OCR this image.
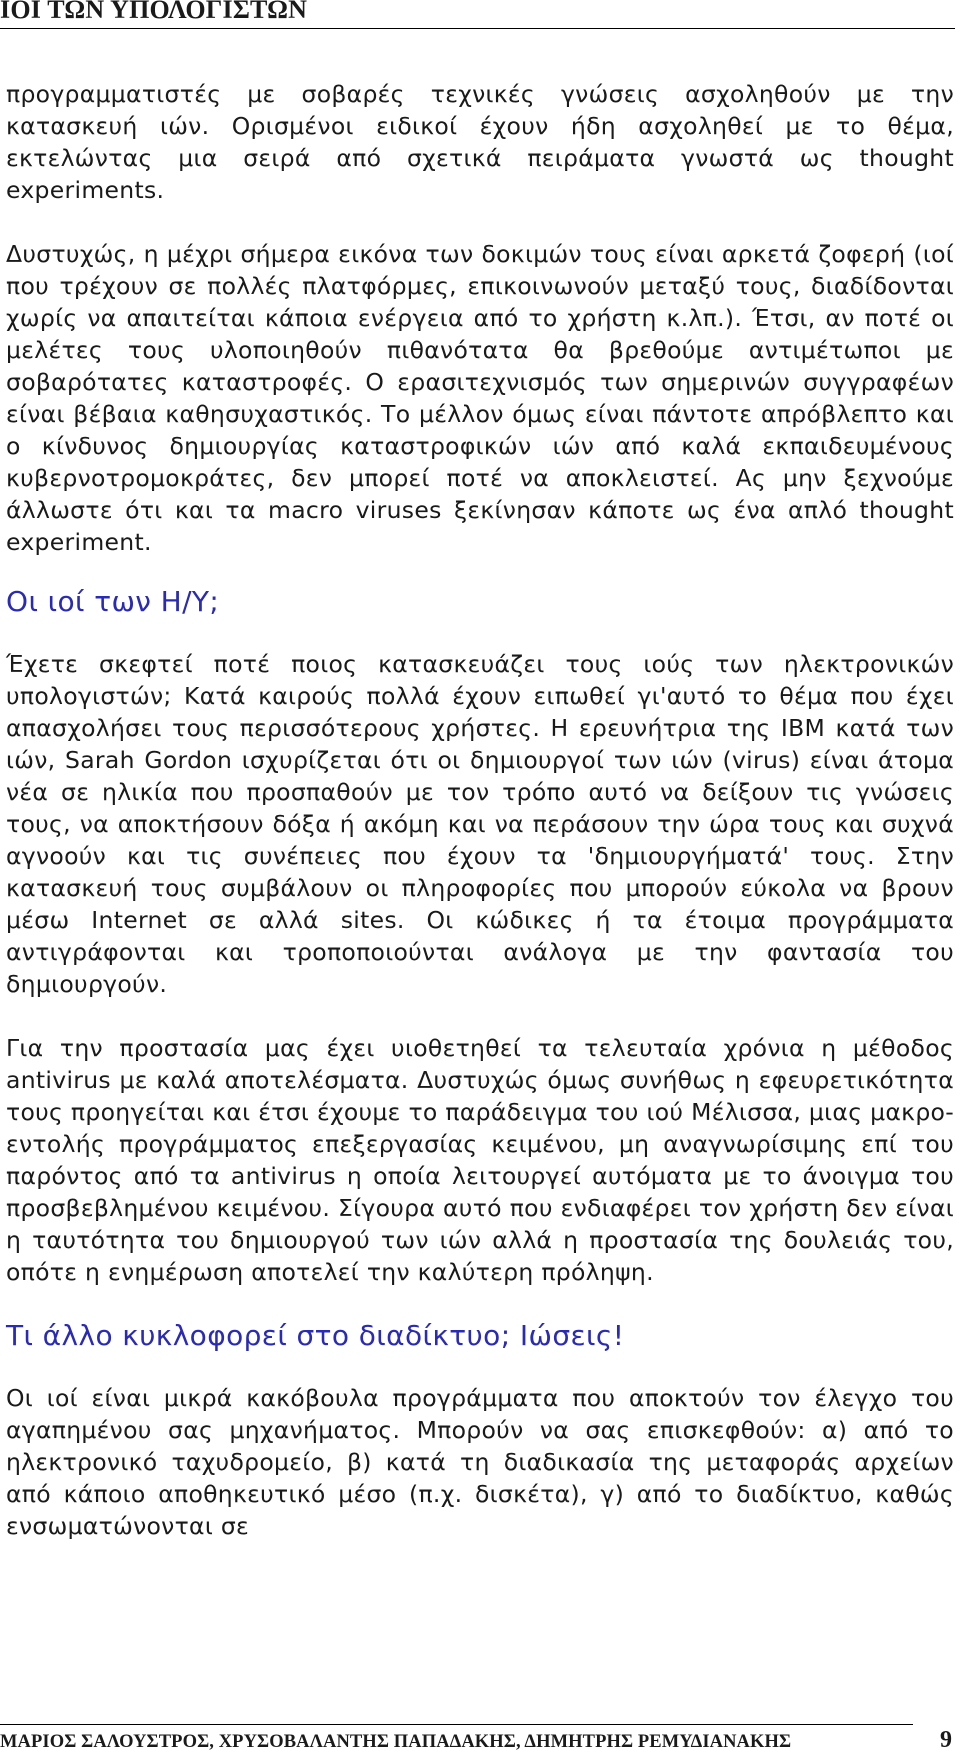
ΙΟΙ ΤΩΝ ΥΠΟΛΟΓΙΣΤΩΝ

προγραμματιστές με σοβαρές τεχνικές γνώσεις ασχοληθούν με την κατασκευή ιών. Ορισμένοι ειδικοί έχουν ήδη ασχοληθεί με το θέμα, εκτελώντας μια σειρά από σχετικά πειράματα γνωστά ως thought experiments.

Δυστυχώς, η μέχρι σήμερα εικόνα των δοκιμών τους είναι αρκετά ζοφερή (ιοί που τρέχουν σε πολλές πλατφόρμες, επικοινωνούν μεταξύ τους, διαδίδονται χωρίς να απαιτείται κάποια ενέργεια από το χρήστη κ.λπ.). Έτσι, αν ποτέ οι μελέτες τους υλοποιηθούν πιθανότατα θα βρεθούμε αντιμέτωποι με σοβαρότατες καταστροφές. Ο ερασιτεχνισμός των σημερινών συγγραφέων είναι βέβαια καθησυχαστικός. Το μέλλον όμως είναι πάντοτε απρόβλεπτο και ο κίνδυνος δημιουργίας καταστροφικών ιών από καλά εκπαιδευμένους κυβερνοτρομοκράτες, δεν μπορεί ποτέ να αποκλειστεί. Ας μην ξεχνούμε άλλωστε ότι και τα macro viruses ξεκίνησαν κάποτε ως ένα απλό thought experiment.

Οι ιοί των Η/Υ;

Έχετε σκεφτεί ποτέ ποιος κατασκευάζει τους ιούς των ηλεκτρονικών υπολογιστών; Κατά καιρούς πολλά έχουν ειπωθεί γι'αυτό το θέμα που έχει απασχολήσει τους περισσότερους χρήστες. Η ερευνήτρια της IBM κατά των ιών, Sarah Gordon ισχυρίζεται ότι οι δημιουργοί των ιών (virus) είναι άτομα νέα σε ηλικία που προσπαθούν με τον τρόπο αυτό να δείξουν τις γνώσεις τους, να αποκτήσουν δόξα ή ακόμη και να περάσουν την ώρα τους και συχνά αγνοούν και τις συνέπειες που έχουν τα 'δημιουργήματά' τους. Στην κατασκευή τους συμβάλουν οι πληροφορίες που μπορούν εύκολα να βρουν μέσω Internet σε αλλά sites. Οι κώδικες ή τα έτοιμα προγράμματα αντιγράφονται και τροποποιούνται ανάλογα με την φαντασία του δημιουργούν.

Για την προστασία μας έχει υιοθετηθεί τα τελευταία χρόνια η μέθοδος antivirus με καλά αποτελέσματα. Δυστυχώς όμως συνήθως η εφευρετικότητα τους προηγείται και έτσι έχουμε το παράδειγμα του ιού Μέλισσα, μιας μακρο-εντολής προγράμματος επεξεργασίας κειμένου, μη αναγνωρίσιμης επί του παρόντος από τα antivirus η οποία λειτουργεί αυτόματα με το άνοιγμα του προσβεβλημένου κειμένου. Σίγουρα αυτό που ενδιαφέρει τον χρήστη δεν είναι η ταυτότητα του δημιουργού των ιών αλλά η προστασία της δουλειάς του, οπότε η ενημέρωση αποτελεί την καλύτερη πρόληψη.

Τι άλλο κυκλοφορεί στο διαδίκτυο; Ιώσεις!

Οι ιοί είναι μικρά κακόβουλα προγράμματα που αποκτούν τον έλεγχο του αγαπημένου σας μηχανήματος. Μπορούν να σας επισκεφθούν: α) από το ηλεκτρονικό ταχυδρομείο, β) κατά τη διαδικασία της μεταφοράς αρχείων από κάποιο αποθηκευτικό μέσο (π.χ. δισκέτα), γ) από το διαδίκτυο, καθώς ενσωματώνονται σε

ΜΑΡΙΟΣ ΣΑΛΟΥΣΤΡΟΣ, ΧΡΥΣΟΒΑΛΑΝΤΗΣ ΠΑΠΑΔΑΚΗΣ, ΔΗΜΗΤΡΗΣ ΡΕΜΥΔΙΑΝΑΚΗΣ	9
